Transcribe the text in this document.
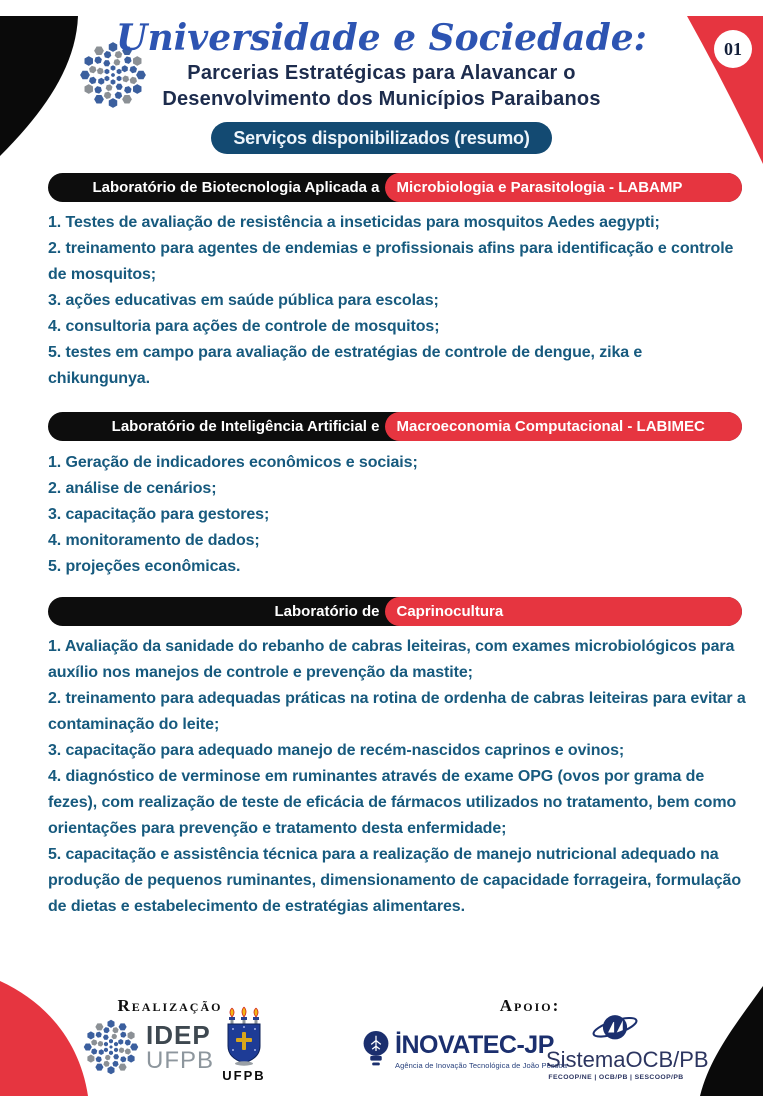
01
Universidade e Sociedade:
Parcerias Estratégicas para Alavancar o
Desenvolvimento dos Municípios Paraibanos
Serviços disponibilizados (resumo)
Laboratório de Biotecnologia Aplicada a	Microbiologia e Parasitologia - LABAMP

1. Testes de avaliação de resistência a inseticidas para mosquitos Aedes aegypti;

2. treinamento para agentes de endemias e profissionais afins para identificação e controle de mosquitos;

3. ações educativas em saúde pública para escolas;

4. consultoria para ações de controle de mosquitos;

5. testes em campo para avaliação de estratégias de controle de dengue, zika e chikungunya.

Laboratório de Inteligência Artificial e	Macroeconomia Computacional - LABIMEC

1. Geração de indicadores econômicos e sociais;

2. análise de cenários;

3. capacitação para gestores;

4. monitoramento de dados;

5. projeções econômicas.

Laboratório de	Caprinocultura

1. Avaliação da sanidade do rebanho de cabras leiteiras, com exames microbiológicos para auxílio nos manejos de controle e prevenção da mastite;

2. treinamento para adequadas práticas na rotina de ordenha de cabras leiteiras para evitar a contaminação do leite;

3. capacitação para adequado manejo de recém-nascidos caprinos e ovinos;

4. diagnóstico de verminose em ruminantes através de exame OPG (ovos por grama de fezes), com realização de teste de eficácia de fármacos utilizados no tratamento, bem como orientações para prevenção e tratamento desta enfermidade;

5. capacitação e assistência técnica para a realização de manejo nutricional adequado na produção de pequenos ruminantes, dimensionamento de capacidade forrageira, formulação de dietas e estabelecimento de estratégias alimentares.

Realização	Apoio:
IDEP
UFPB
UFPB
İNOVATEC-JP
Agência de Inovação Tecnológica de João Pessoa
SistemaOCB/PB
FECOOP/NE | OCB/PB | SESCOOP/PB
